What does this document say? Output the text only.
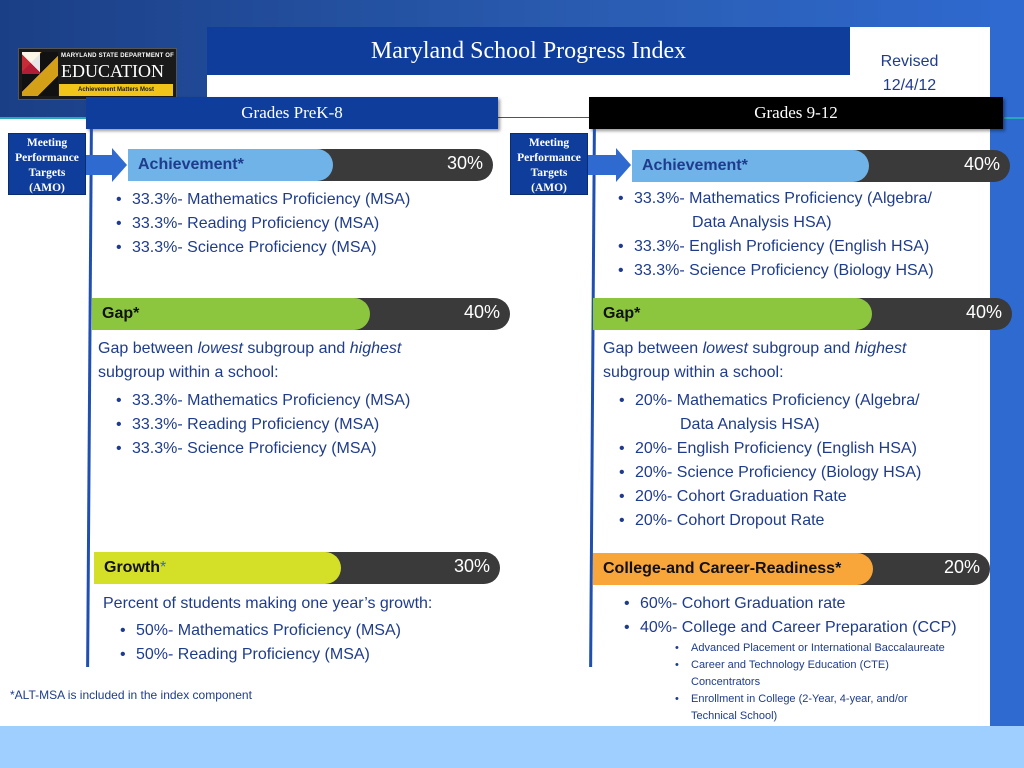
MARYLAND STATE DEPARTMENT OF
EDUCATION
Achievement Matters Most
Maryland School Progress Index	Revised
12/4/12
Grades PreK-8
Meeting
Performance
Targets
(AMO)
Achievement*	30%
• 33.3%- Mathematics Proficiency (MSA)
• 33.3%- Reading Proficiency (MSA)
• 33.3%- Science Proficiency (MSA)
Gap*	40%
Gap between lowest subgroup and highest
subgroup within a school:
• 33.3%- Mathematics Proficiency (MSA)
• 33.3%- Reading Proficiency (MSA)
• 33.3%- Science Proficiency (MSA)
Growth*	30%
Percent of students making one year’s growth:
• 50%- Mathematics Proficiency (MSA)
• 50%- Reading Proficiency (MSA)
Grades 9-12
Meeting
Performance
Targets
(AMO)
Achievement*	40%
• 33.3%- Mathematics Proficiency (Algebra/
Data Analysis HSA)
• 33.3%- English Proficiency (English HSA)
• 33.3%- Science Proficiency (Biology HSA)
Gap*	40%
Gap between lowest subgroup and highest
subgroup within a school:
• 20%- Mathematics Proficiency (Algebra/
Data Analysis HSA)
• 20%- English Proficiency (English HSA)
• 20%- Science Proficiency (Biology HSA)
• 20%- Cohort Graduation Rate
• 20%- Cohort Dropout Rate
College-and Career-Readiness*	20%
• 60%- Cohort Graduation rate
• 40%- College and Career Preparation (CCP)
• Advanced Placement or International Baccalaureate
• Career and Technology Education (CTE)
Concentrators
• Enrollment in College (2-Year, 4-year, and/or
Technical School)
*ALT-MSA is included in the index component
